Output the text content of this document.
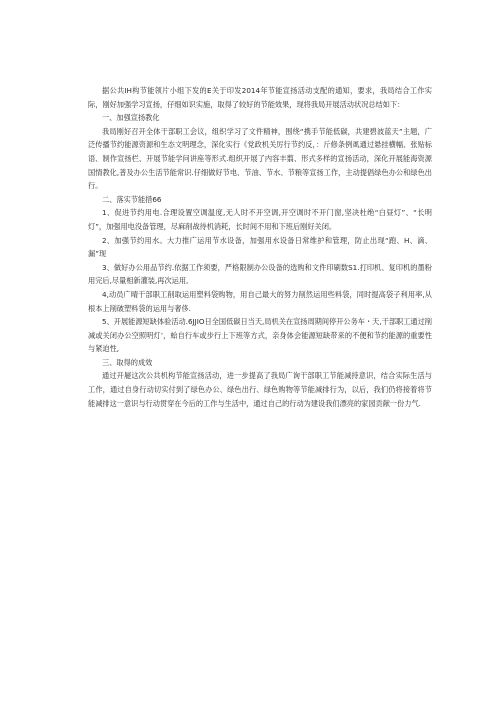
据公共IH构节能领片小组下发的E关于印发2014年节能宣扬活动支配的通知，要求，我局结合工作实际，刚好加强学习宣扬，仔细如识实施，取得了较好的节能效果，现将我局开展活动状况总结如下：

一、加强宣扬教化

我局刚好召开全体干部职工会议，组织学习了文件精神，围绕“携手节能低碳，共建碧波蓝天”主题，广泛传播节约能源资源和生态文明理念，深化实行《党政机关厉行节约反，：斤修条例虱通过悬挂横幅、张贴标语、制作宣扬栏、开展节能学问讲座等形式.组织开展了内容丰翦、形式多样的宣扬活动，深化开展能海资源国情教化,普及办公生活节能常识.仔细做好节电、节油、节水、节粮等宣扬工作，主动提倡绿色办公和绿色出行。

二、落实节能措66

1、促进节约用电.合理设置空调温度,无人时不开空调,开空调时不开门窗,坚决杜绝“白昼灯”、“长明灯”，加强用电没备管理，尽麻削战待机消耗，长时间不用和下班后刚好关闭。

2、加强节约用水。大力推广运用节水设备，加强用水设备日常维护和管理，防止出现“跑、H、滴、漏”现

3、做好办公用品节约.依据工作须要，严格限制办公设备的选购和文件印刷数S1.打印机、复印机的墨粉用完后,尽量相新灌装,再次运用,

4,动员广晴干部职工削取运用塑料袋购物，用自己最大的努力削然运用些料袋，同时提高袋子利用率,从根本上削破塑料袋的运用与奢侈.

5、开展能源短缺体验活动.6JJIO日全国低碳日当天,局机关在宣扬周期间停开公务车・天,干部职工通过削减或关闭办公空照明灯’，蛤自行车或步行上下班等方式，亲身体会能源短缺带来的不便和节约能源的重要性与紧迫性,

三、取得的成效

通过开屣这次公共机构节能宣扬活动，进一步提高了我局广询干部职工节能减持意识，结合实际生活与工作，通过自身行动切实付到了绿色办公、绿色出行、绿色购物等节能减排行为，以后，我们仍将接着将节能减排这一意识与行动贯穿在今后的工作与生活中，通过自己的行动为建设我们漂亮的家园贡献一份力气.
